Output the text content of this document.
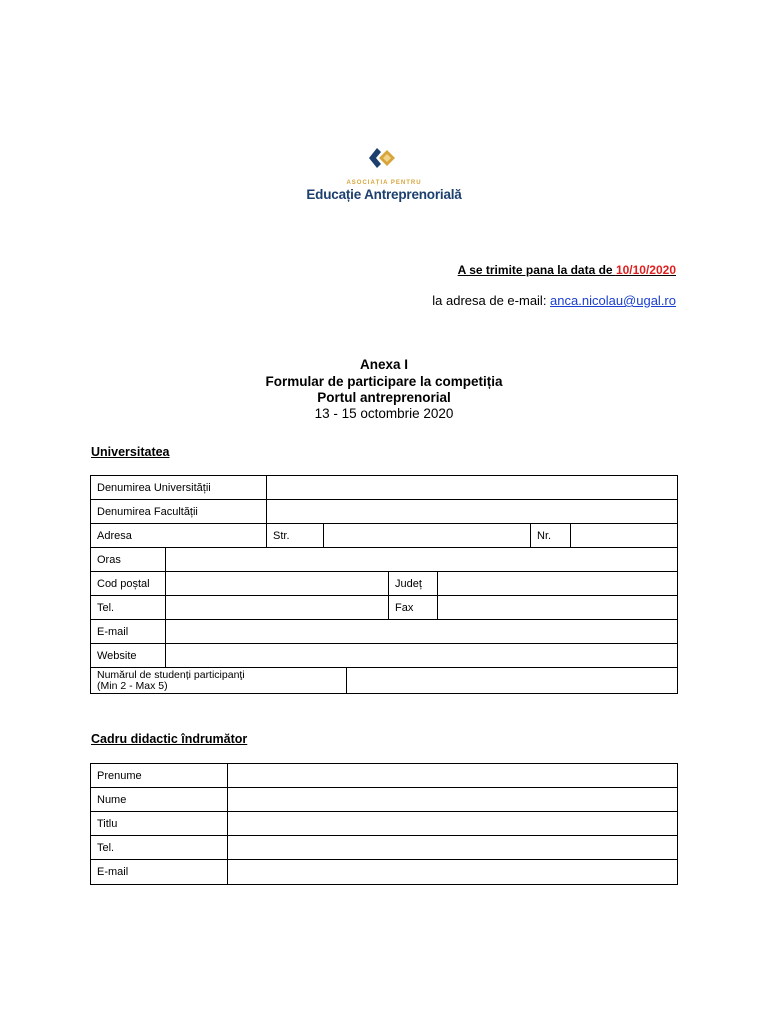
ASOCIAȚIA PENTRU
Educație Antreprenorială
A se trimite pana la data de 10/10/2020
la adresa de e-mail: anca.nicolau@ugal.ro
Anexa I
Formular de participare la competiția
Portul antreprenorial
13 - 15 octombrie 2020
Universitatea
Denumirea Universității
Denumirea Facultății
Adresa	Str.	Nr.
Oras
Cod poștal	Județ
Tel.	Fax
E-mail
Website
Numărul de studenți participanţi
(Min 2 - Max 5)
Cadru didactic îndrumător
Prenume
Nume
Titlu
Tel.
E-mail
